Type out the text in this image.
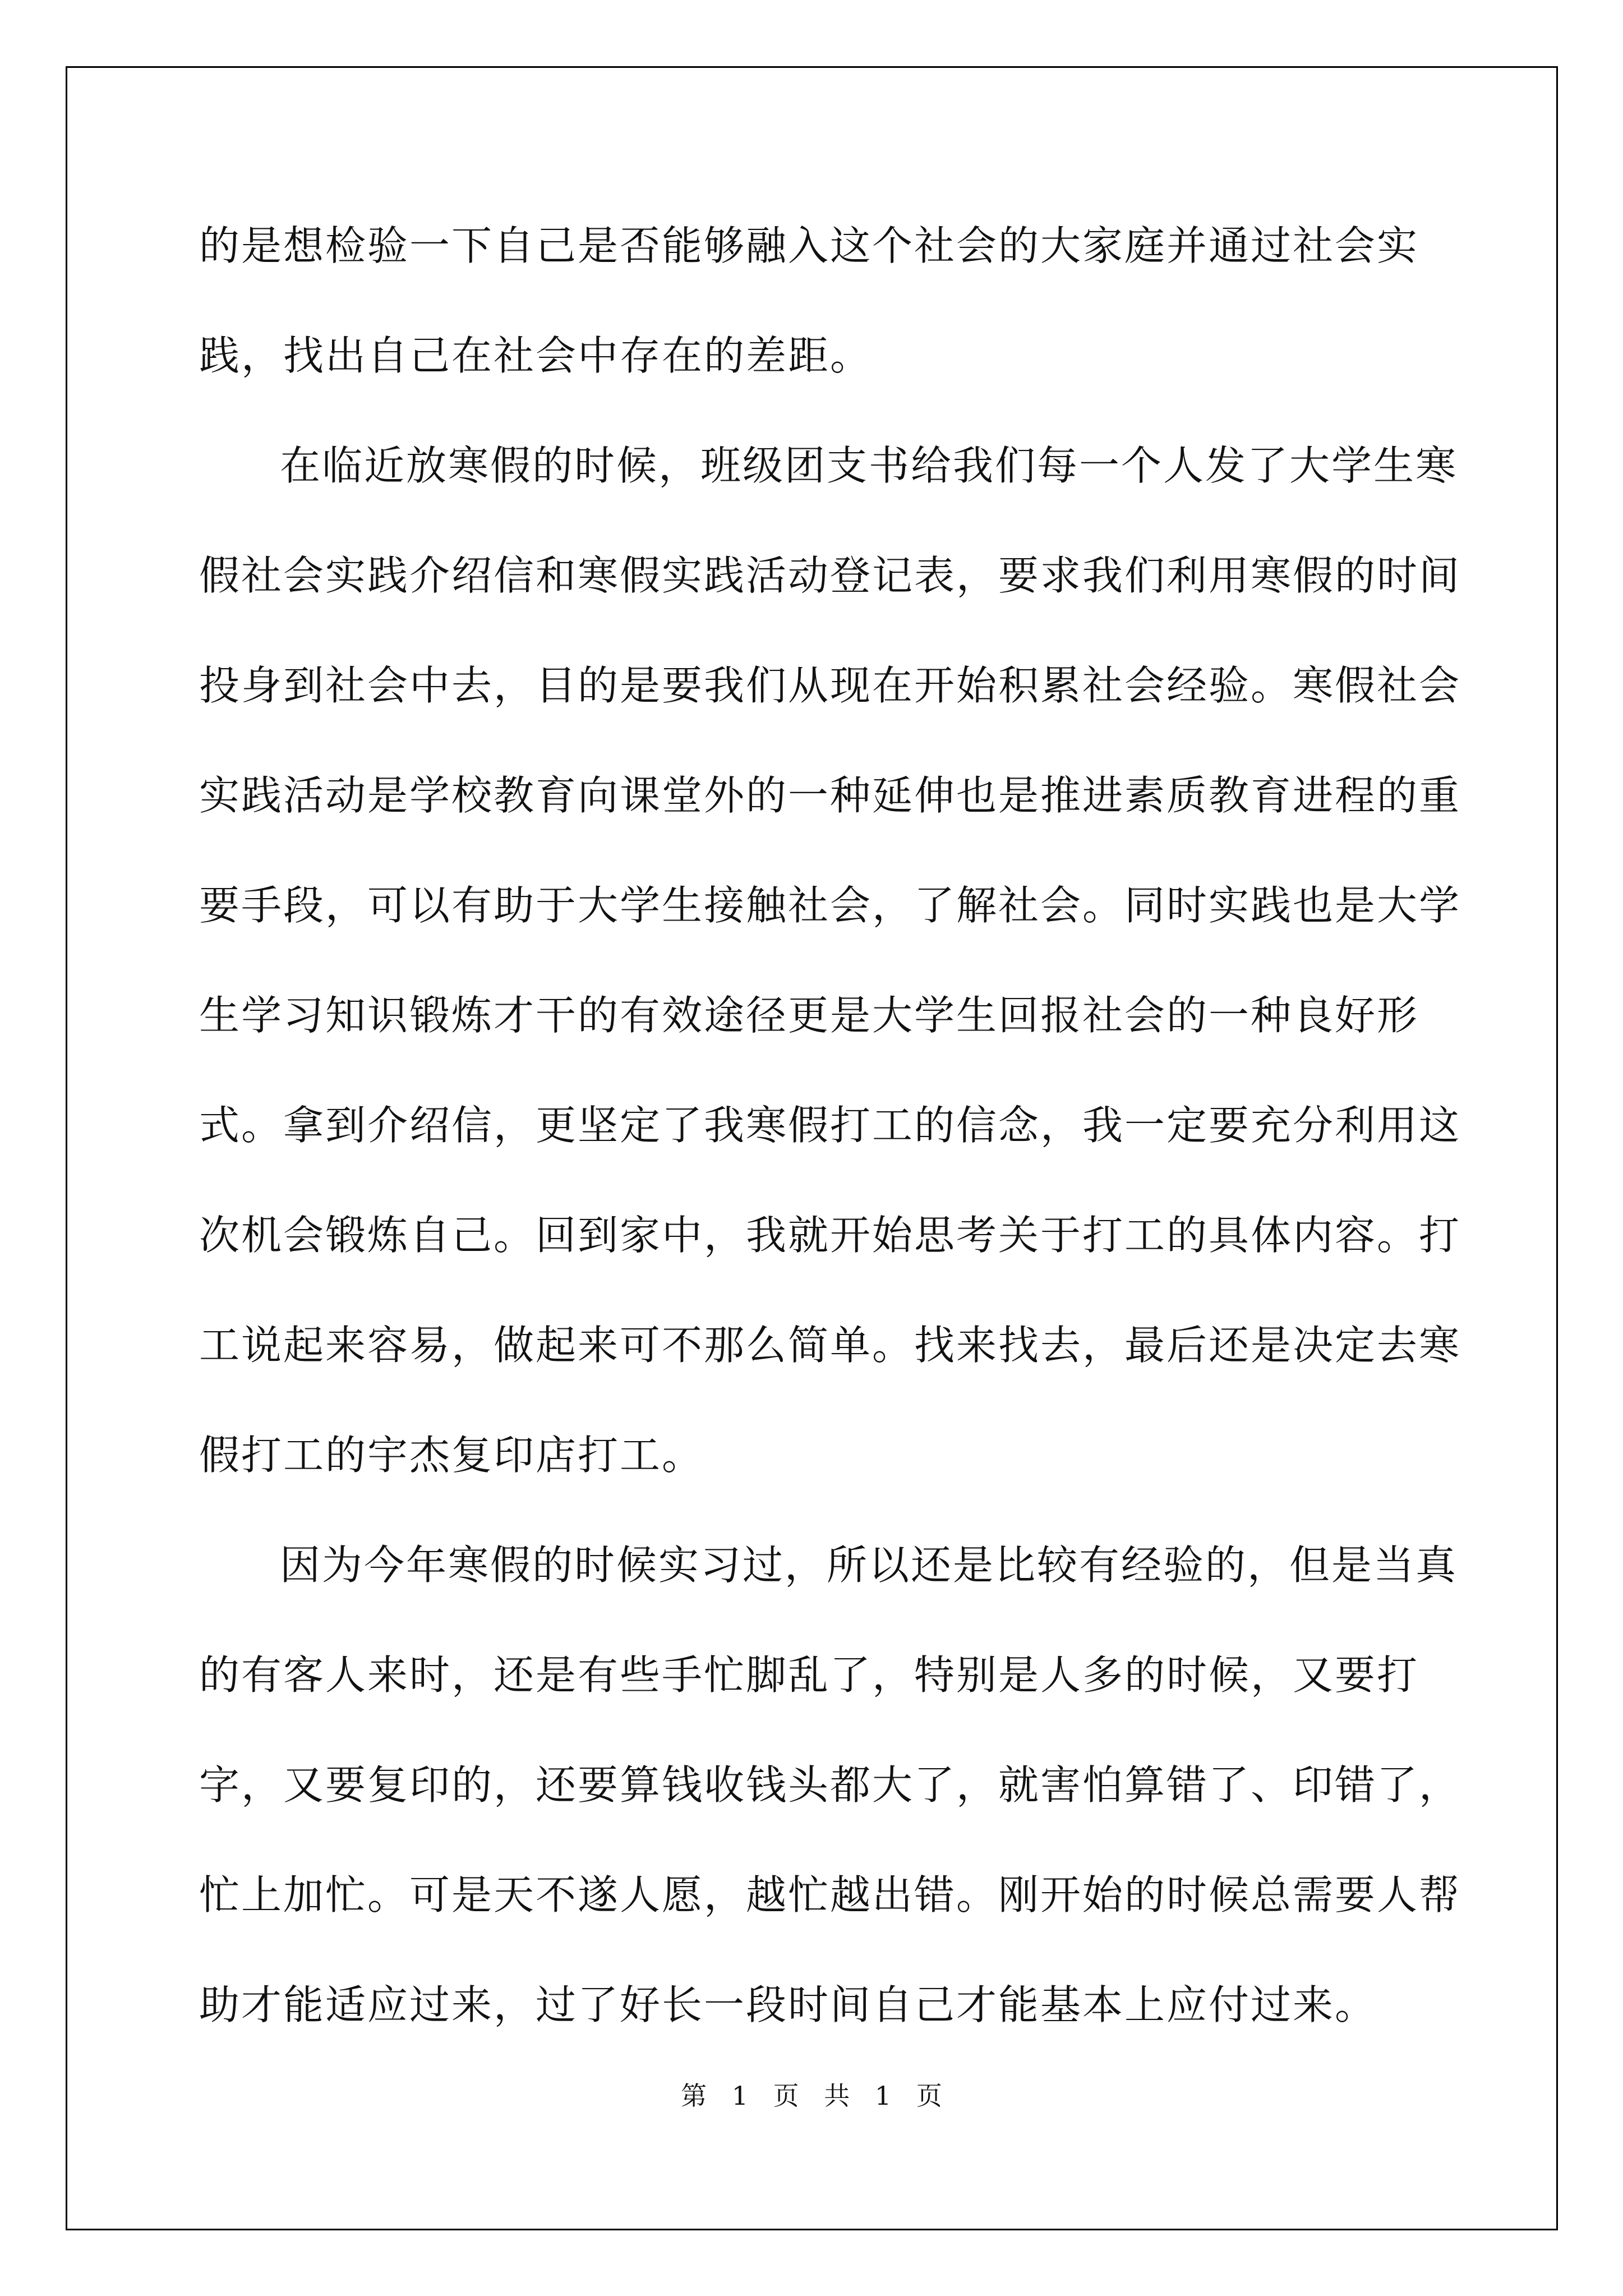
的是想检验一下自己是否能够融入这个社会的大家庭并通过社会实践，找出自己在社会中存在的差距。

在临近放寒假的时候，班级团支书给我们每一个人发了大学生寒假社会实践介绍信和寒假实践活动登记表，要求我们利用寒假的时间投身到社会中去，目的是要我们从现在开始积累社会经验。寒假社会实践活动是学校教育向课堂外的一种延伸也是推进素质教育进程的重要手段，可以有助于大学生接触社会，了解社会。同时实践也是大学生学习知识锻炼才干的有效途径更是大学生回报社会的一种良好形式。拿到介绍信，更坚定了我寒假打工的信念，我一定要充分利用这次机会锻炼自己。回到家中，我就开始思考关于打工的具体内容。打工说起来容易，做起来可不那么简单。找来找去，最后还是决定去寒假打工的宇杰复印店打工。

因为今年寒假的时候实习过，所以还是比较有经验的，但是当真的有客人来时，还是有些手忙脚乱了，特别是人多的时候，又要打字，又要复印的，还要算钱收钱头都大了，就害怕算错了、印错了，忙上加忙。可是天不遂人愿，越忙越出错。刚开始的时候总需要人帮助才能适应过来，过了好长一段时间自己才能基本上应付过来。

第 1 页 共 1 页
